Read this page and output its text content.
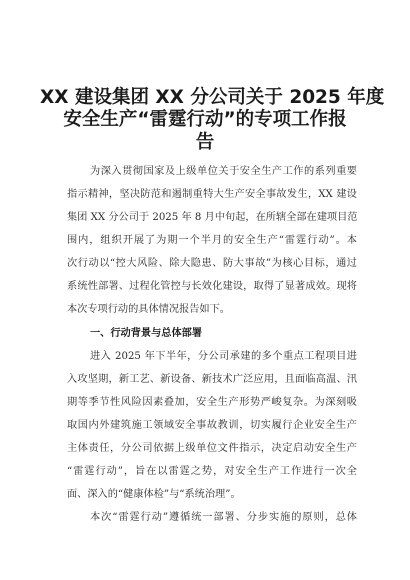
XX 建设集团 XX 分公司关于 2025 年度
安全生产“雷霆行动”的专项工作报
告
为深入贯彻国家及上级单位关于安全生产工作的系列重要
指示精神，坚决防范和遏制重特大生产安全事故发生，XX 建设
集团 XX 分公司于 2025 年 8 月中旬起，在所辖全部在建项目范
围内，组织开展了为期一个半月的安全生产“雷霆行动”。本
次行动以“控大风险、除大隐患、防大事故”为核心目标，通过
系统性部署、过程化管控与长效化建设，取得了显著成效。现将
本次专项行动的具体情况报告如下。
一、行动背景与总体部署
进入 2025 年下半年，分公司承建的多个重点工程项目进
入攻坚期，新工艺、新设备、新技术广泛应用，且面临高温、汛
期等季节性风险因素叠加，安全生产形势严峻复杂。为深刻吸
取国内外建筑施工领域安全事故教训，切实履行企业安全生产
主体责任，分公司依据上级单位文件指示，决定启动安全生产
“雷霆行动”，旨在以雷霆之势，对安全生产工作进行一次全
面、深入的“健康体检”与“系统治理”。
本次“雷霆行动”遵循统一部署、分步实施的原则，总体
